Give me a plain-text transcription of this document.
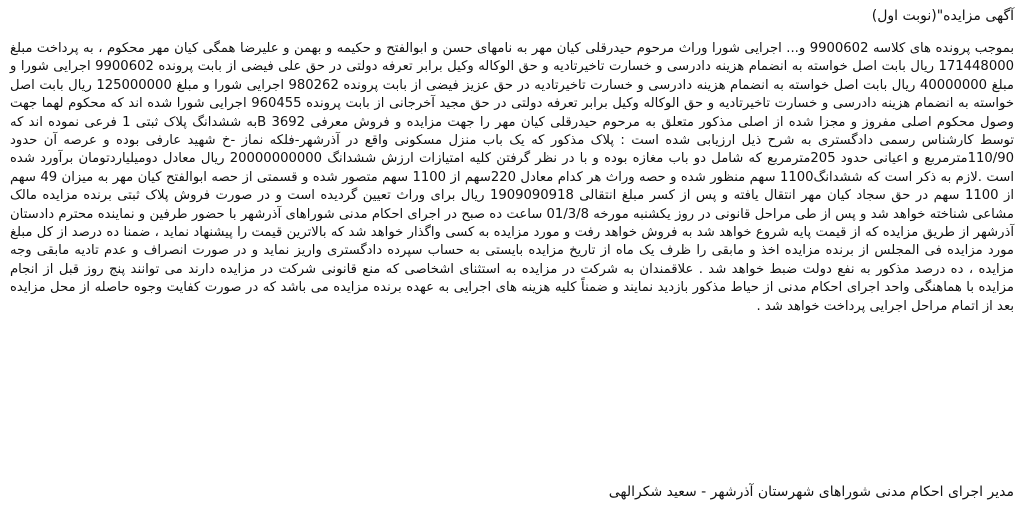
آگهی مزایده"(نوبت اول)

بموجب پرونده های کلاسه 9900602 و... اجرایی شورا وراث مرحوم حیدرقلی کیان مهر به نامهای حسن و ابوالفتح و حکیمه و بهمن و علیرضا همگی کیان مهر محکوم ، به پرداخت مبلغ 171448000 ریال بابت اصل خواسته به انضمام هزینه دادرسی و خسارت تاخیرتادیه و حق الوکاله وکیل برابر تعرفه دولتی در حق علی فیضی از بابت پرونده 9900602 اجرایی شورا و مبلغ 40000000 ریال بابت اصل خواسته به انضمام هزینه دادرسی و خسارت تاخیرتادیه در حق عزیز فیضی از بابت پرونده 980262 اجرایی شورا و مبلغ 125000000 ریال بابت اصل خواسته به انضمام هزینه دادرسی و خسارت تاخیرتادیه و حق الوکاله وکیل برابر تعرفه دولتی در حق مجید آخرجانی از بابت پرونده 960455 اجرایی شورا شده اند که محکوم لهما جهت وصول محکوم اصلی مفروز و مجزا شده از اصلی مذکور متعلق به مرحوم حیدرقلی کیان مهر را جهت مزایده و فروش معرفی 3692 Bبه ششدانگ پلاک ثبتی 1 فرعی نموده اند که توسط کارشناس رسمی دادگستری به شرح ذیل ارزیابی شده است : پلاک مذکور که یک باب منزل مسکونی واقع در آذرشهر-فلکه نماز -خ شهید عارفی بوده و عرصه آن حدود 110/90مترمربع و اعیانی حدود 205مترمربع که شامل دو باب مغازه بوده و با در نظر گرفتن کلیه امتیازات ارزش ششدانگ 20000000000 ریال معادل دومیلیاردتومان برآورد شده است .لازم به ذکر است که ششدانگ1100 سهم منظور شده و حصه وراث هر کدام معادل 220سهم از 1100 سهم متصور شده و قسمتی از حصه ابوالفتح کیان مهر به میزان 49 سهم از 1100 سهم در حق سجاد کیان مهر انتقال یافته و پس از کسر مبلغ انتقالی 1909090918 ریال برای وراث تعیین گردیده است و در صورت فروش پلاک ثبتی برنده مزایده مالک مشاعی شناخته خواهد شد و پس از طی مراحل قانونی در روز یکشنبه مورخه 01/3/8 ساعت ده صبح در اجرای احکام مدنی شوراهای آذرشهر با حضور طرفین و نماینده محترم دادستان آذرشهر از طریق مزایده که از قیمت پایه شروع خواهد شد به فروش خواهد رفت و مورد مزایده به کسی واگذار خواهد شد که بالاترین قیمت را پیشنهاد نماید ، ضمنا ده درصد از کل مبلغ مورد مزایده فی المجلس از برنده مزایده اخذ و مابقی را ظرف یک ماه از تاریخ مزایده بایستی به حساب سپرده دادگستری واریز نماید و در صورت انصراف و عدم تادیه مابقی وجه مزایده ، ده درصد مذکور به نفع دولت ضبط خواهد شد . علاقمندان به شرکت در مزایده به استثنای اشخاصی که منع قانونی شرکت در مزایده دارند می توانند پنج روز قبل از انجام مزایده با هماهنگی واحد اجرای احکام مدنی از حیاط مذکور بازدید نمایند و ضمناً کلیه هزینه های اجرایی به عهده برنده مزایده می باشد که در صورت کفایت وجوه حاصله از محل مزایده بعد از اتمام مراحل اجرایی پرداخت خواهد شد .

مدیر اجرای احکام مدنی شوراهای شهرستان آذرشهر - سعید شکرالهی
